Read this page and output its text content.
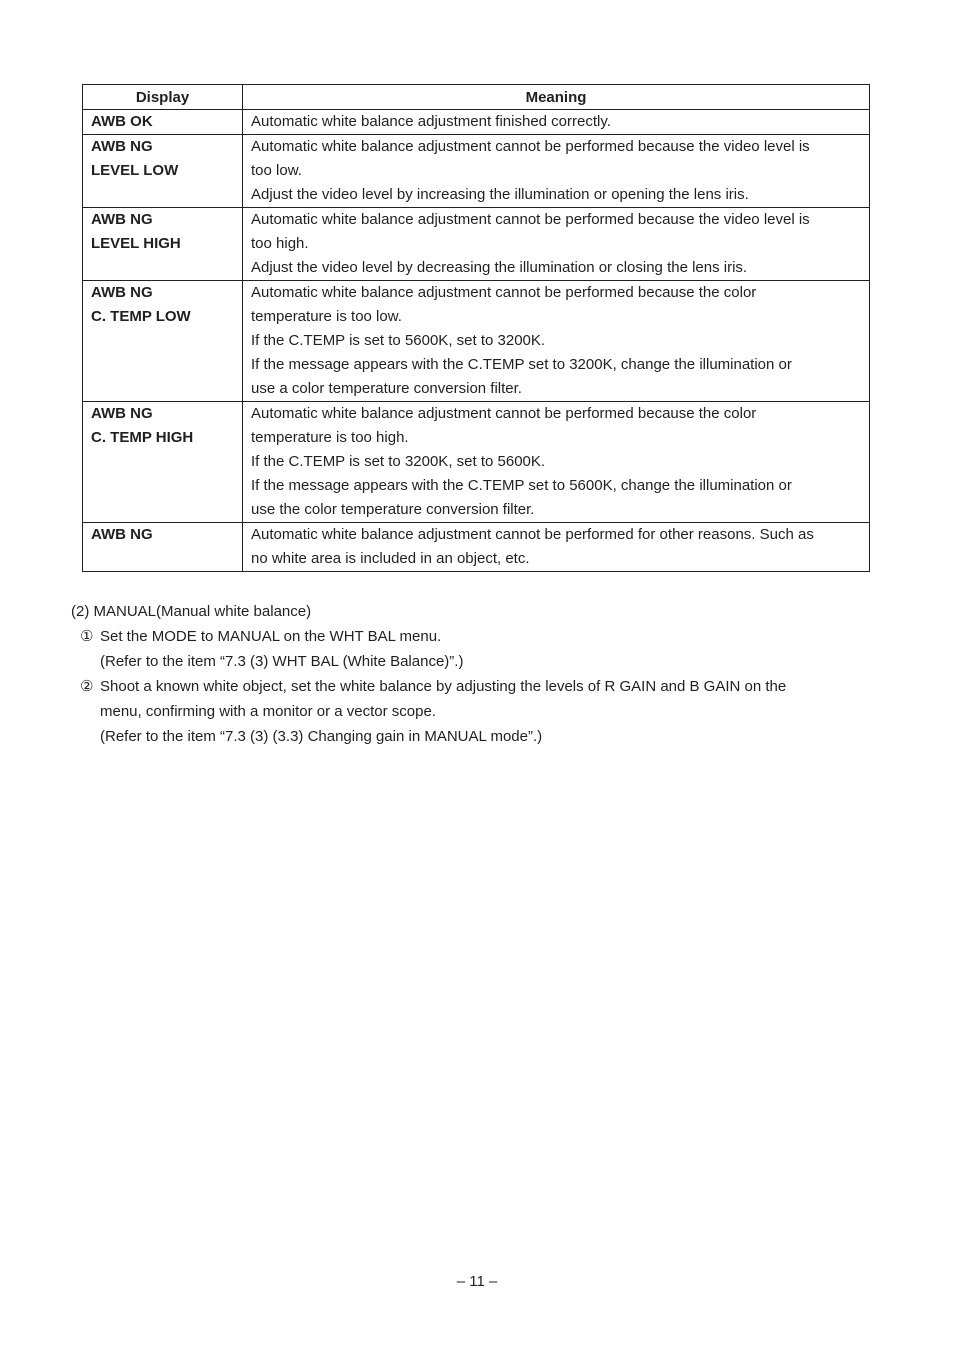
Display	Meaning

AWB OK	Automatic white balance adjustment finished correctly.

AWB NG
LEVEL LOW	Automatic white balance adjustment cannot be performed because the video level is
too low.
Adjust the video level by increasing the illumination or opening the lens iris.

AWB NG
LEVEL HIGH	Automatic white balance adjustment cannot be performed because the video level is
too high.
Adjust the video level by decreasing the illumination or closing the lens iris.

AWB NG
C. TEMP LOW	Automatic white balance adjustment cannot be performed because the color
temperature is too low.
If the C.TEMP is set to 5600K, set to 3200K.
If the message appears with the C.TEMP set to 3200K, change the illumination or
use a color temperature conversion filter.

AWB NG
C. TEMP HIGH	Automatic white balance adjustment cannot be performed because the color
temperature is too high.
If the C.TEMP is set to 3200K, set to 5600K.
If the message appears with the C.TEMP set to 5600K, change the illumination or
use the color temperature conversion filter.

AWB NG	Automatic white balance adjustment cannot be performed for other reasons. Such as
no white area is included in an object, etc.
(2) MANUAL(Manual white balance)
① Set the MODE to MANUAL on the WHT BAL menu.
(Refer to the item “7.3 (3) WHT BAL (White Balance)”.)
② Shoot a known white object, set the white balance by adjusting the levels of R GAIN and B GAIN on the
menu, confirming with a monitor or a vector scope.
(Refer to the item “7.3 (3) (3.3) Changing gain in MANUAL mode”.)
– 11 –
